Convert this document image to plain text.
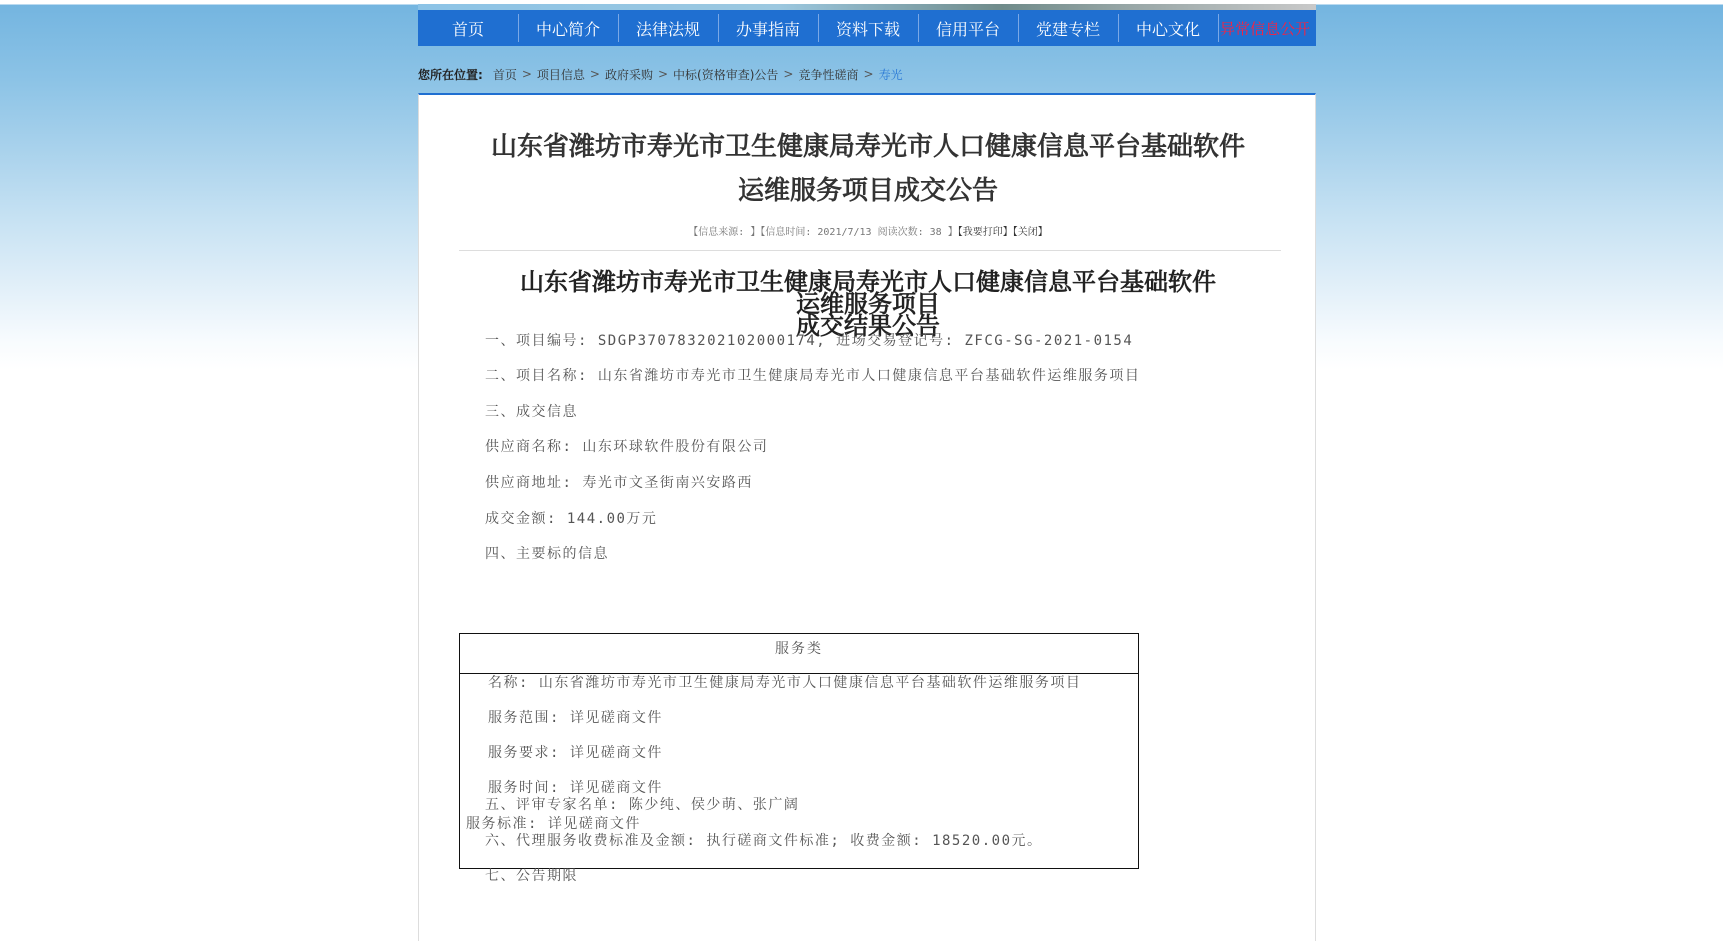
首页	中心简介	法律法规	办事指南	资料下载	信用平台	党建专栏	中心文化	异常信息公开
您所在位置: 首页 > 项目信息 > 政府采购 > 中标(资格审查)公告 > 竞争性磋商 > 寿光
山东省潍坊市寿光市卫生健康局寿光市人口健康信息平台基础软件
运维服务项目成交公告
【信息来源: 】【信息时间: 2021/7/13 阅读次数: 38 】【我要打印】【关闭】
山东省潍坊市寿光市卫生健康局寿光市人口健康信息平台基础软件
运维服务项目
成交结果公告
一、项目编号: SDGP370783202102000174, 进场交易登记号: ZFCG-SG-2021-0154
二、项目名称: 山东省潍坊市寿光市卫生健康局寿光市人口健康信息平台基础软件运维服务项目
三、成交信息
供应商名称: 山东环球软件股份有限公司
供应商地址: 寿光市文圣街南兴安路西
成交金额: 144.00万元
四、主要标的信息
服务类
名称: 山东省潍坊市寿光市卫生健康局寿光市人口健康信息平台基础软件运维服务项目
服务范围: 详见磋商文件
服务要求: 详见磋商文件
服务时间: 详见磋商文件
服务标准: 详见磋商文件
五、评审专家名单: 陈少纯、侯少萌、张广阔
六、代理服务收费标准及金额: 执行磋商文件标准; 收费金额: 18520.00元。
七、公告期限
